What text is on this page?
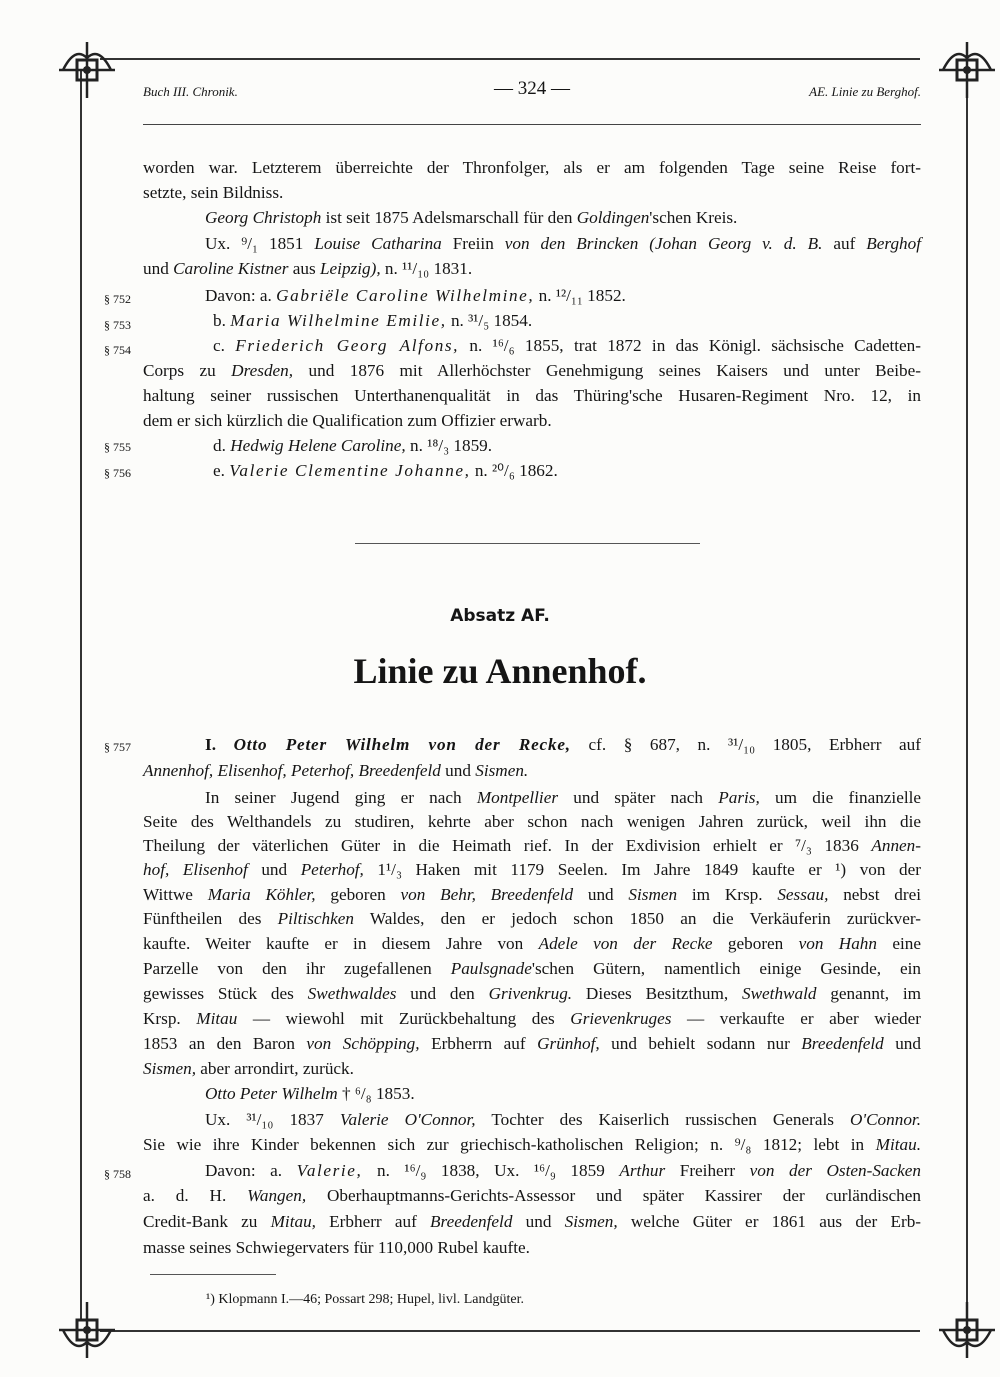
Buch III. Chronik.	— 324 —	AE. Linie zu Berghof.
§ 752
§ 753
§ 754
§ 755
§ 756
§ 757
§ 758
worden war. Letzterem überreichte der Thronfolger, als er am folgenden Tage seine Reise fort-
setzte, sein Bildniss.
Georg Christoph ist seit 1875 Adelsmarschall für den Goldingen'schen Kreis.
Ux. ⁹/₁ 1851 Louise Catharina Freiin von den Brincken (Johan Georg v. d. B. auf Berghof
und Caroline Kistner aus Leipzig), n. ¹¹/₁₀ 1831.
Davon: a. Gabriële Caroline Wilhelmine, n. ¹²/₁₁ 1852.
b. Maria Wilhelmine Emilie, n. ³¹/₅ 1854.
c. Friederich Georg Alfons, n. ¹⁶/₆ 1855, trat 1872 in das Königl. sächsische Cadetten-
Corps zu Dresden, und 1876 mit Allerhöchster Genehmigung seines Kaisers und unter Beibe-
haltung seiner russischen Unterthanenqualität in das Thüring'sche Husaren-Regiment Nro. 12, in
dem er sich kürzlich die Qualification zum Offizier erwarb.
d. Hedwig Helene Caroline, n. ¹⁸/₃ 1859.
e. Valerie Clementine Johanne, n. ²⁰/₆ 1862.
Absatz AF.
Linie zu Annenhof.
I. Otto Peter Wilhelm von der Recke, cf. § 687, n. ³¹/₁₀ 1805, Erbherr auf
Annenhof, Elisenhof, Peterhof, Breedenfeld und Sismen.
In seiner Jugend ging er nach Montpellier und später nach Paris, um die finanzielle
Seite des Welthandels zu studiren, kehrte aber schon nach wenigen Jahren zurück, weil ihn die
Theilung der väterlichen Güter in die Heimath rief. In der Exdivision erhielt er ⁷/₃ 1836 Annen-
hof, Elisenhof und Peterhof, 1¹/₃ Haken mit 1179 Seelen. Im Jahre 1849 kaufte er ¹) von der
Wittwe Maria Köhler, geboren von Behr, Breedenfeld und Sismen im Krsp. Sessau, nebst drei
Fünftheilen des Piltischken Waldes, den er jedoch schon 1850 an die Verkäuferin zurückver-
kaufte. Weiter kaufte er in diesem Jahre von Adele von der Recke geboren von Hahn eine
Parzelle von den ihr zugefallenen Paulsgnade'schen Gütern, namentlich einige Gesinde, ein
gewisses Stück des Swethwaldes und den Grivenkrug. Dieses Besitzthum, Swethwald genannt, im
Krsp. Mitau — wiewohl mit Zurückbehaltung des Grievenkruges — verkaufte er aber wieder
1853 an den Baron von Schöpping, Erbherrn auf Grünhof, und behielt sodann nur Breedenfeld und
Sismen, aber arrondirt, zurück.
Otto Peter Wilhelm † ⁶/₈ 1853.
Ux. ³¹/₁₀ 1837 Valerie O'Connor, Tochter des Kaiserlich russischen Generals O'Connor.
Sie wie ihre Kinder bekennen sich zur griechisch-katholischen Religion; n. ⁹/₈ 1812; lebt in Mitau.
Davon: a. Valerie, n. ¹⁶/₉ 1838, Ux. ¹⁶/₉ 1859 Arthur Freiherr von der Osten-Sacken
a. d. H. Wangen, Oberhauptmanns-Gerichts-Assessor und später Kassirer der curländischen
Credit-Bank zu Mitau, Erbherr auf Breedenfeld und Sismen, welche Güter er 1861 aus der Erb-
masse seines Schwiegervaters für 110,000 Rubel kaufte.
¹) Klopmann I.—46; Possart 298; Hupel, livl. Landgüter.
